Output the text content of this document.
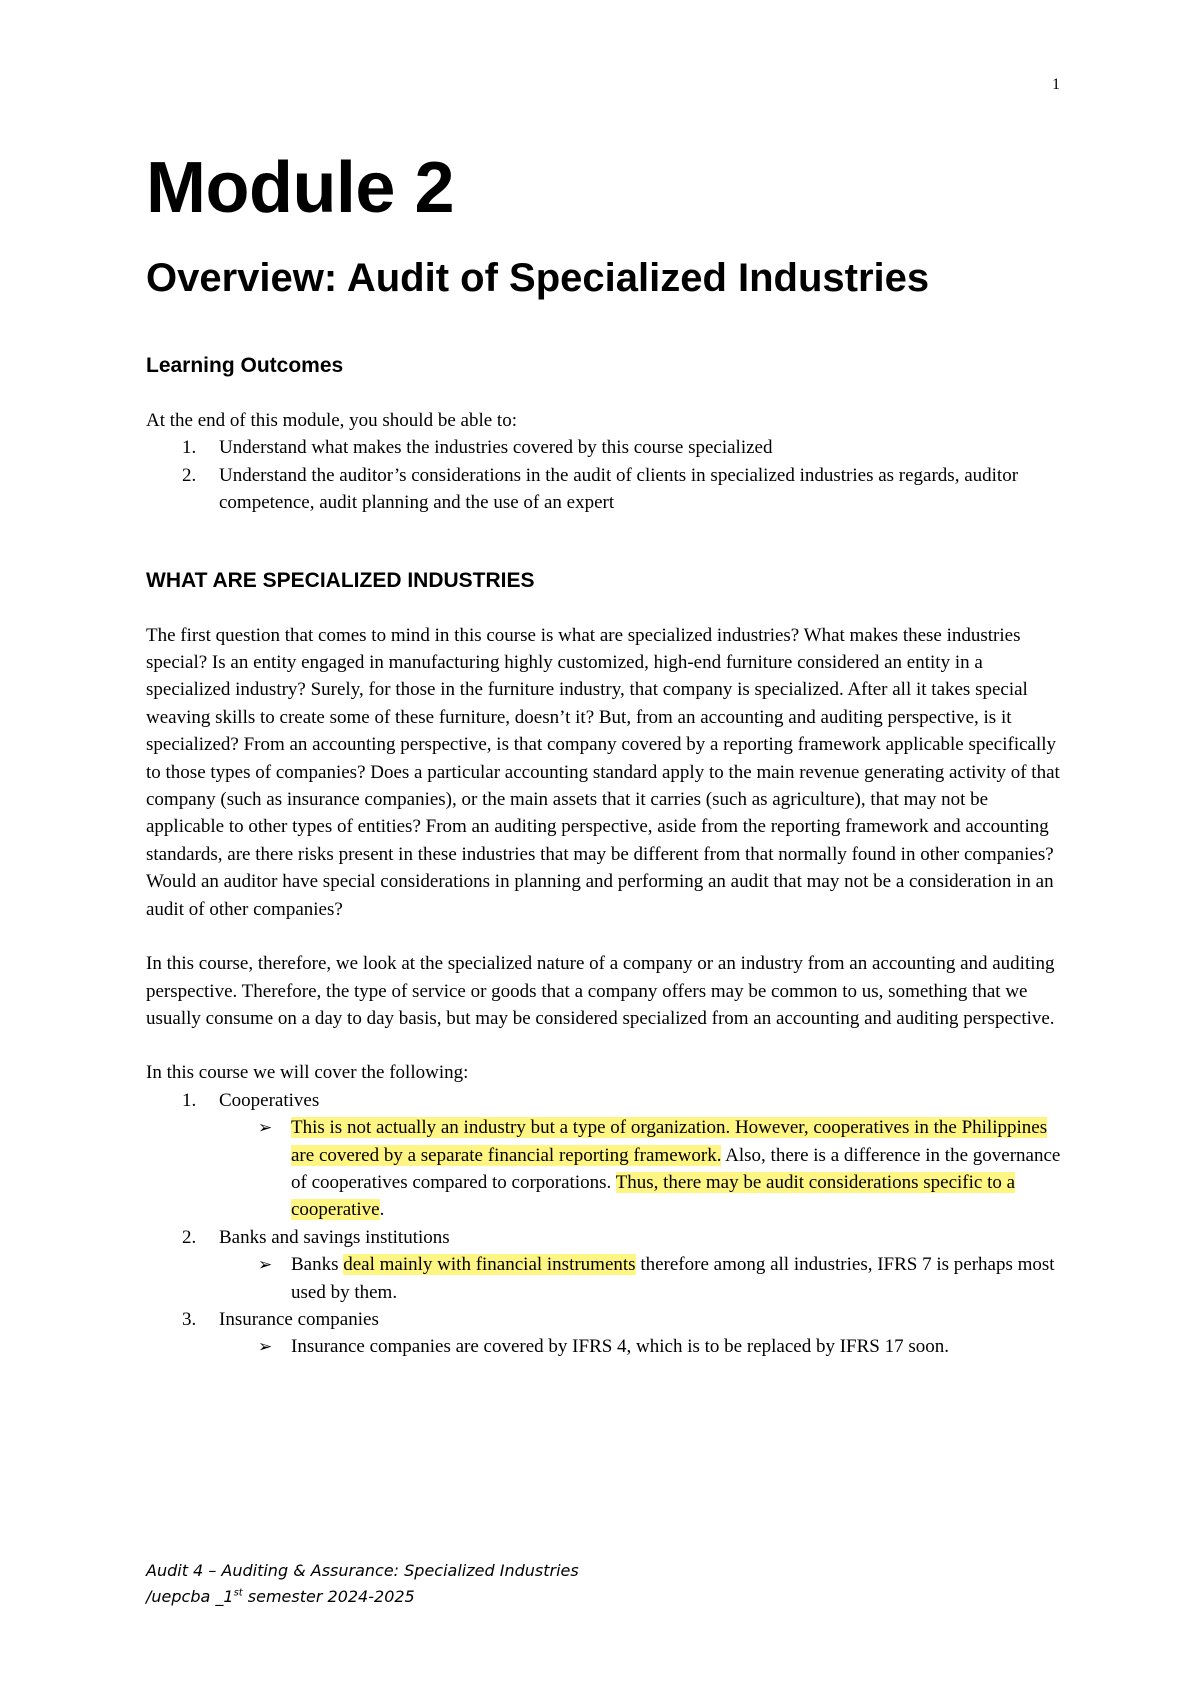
1
Module 2
Overview: Audit of Specialized Industries
Learning Outcomes

At the end of this module, you should be able to:

1. Understand what makes the industries covered by this course specialized
2. Understand the auditor’s considerations in the audit of clients in specialized industries as regards, auditor competence, audit planning and the use of an expert
WHAT ARE SPECIALIZED INDUSTRIES

The first question that comes to mind in this course is what are specialized industries? What makes these industries special? Is an entity engaged in manufacturing highly customized, high-end furniture considered an entity in a specialized industry? Surely, for those in the furniture industry, that company is specialized. After all it takes special weaving skills to create some of these furniture, doesn’t it? But, from an accounting and auditing perspective, is it specialized? From an accounting perspective, is that company covered by a reporting framework applicable specifically to those types of companies? Does a particular accounting standard apply to the main revenue generating activity of that company (such as insurance companies), or the main assets that it carries (such as agriculture), that may not be applicable to other types of entities? From an auditing perspective, aside from the reporting framework and accounting standards, are there risks present in these industries that may be different from that normally found in other companies? Would an auditor have special considerations in planning and performing an audit that may not be a consideration in an audit of other companies?

In this course, therefore, we look at the specialized nature of a company or an industry from an accounting and auditing perspective. Therefore, the type of service or goods that a company offers may be common to us, something that we usually consume on a day to day basis, but may be considered specialized from an accounting and auditing perspective.

In this course we will cover the following:

1. Cooperatives
➢ This is not actually an industry but a type of organization. However, cooperatives in the Philippines are covered by a separate financial reporting framework. Also, there is a difference in the governance of cooperatives compared to corporations. Thus, there may be audit considerations specific to a cooperative.
2. Banks and savings institutions
➢ Banks deal mainly with financial instruments therefore among all industries, IFRS 7 is perhaps most used by them.
3. Insurance companies
➢ Insurance companies are covered by IFRS 4, which is to be replaced by IFRS 17 soon.
Audit 4 – Auditing & Assurance: Specialized Industries
/uepcba _1st semester 2024-2025
